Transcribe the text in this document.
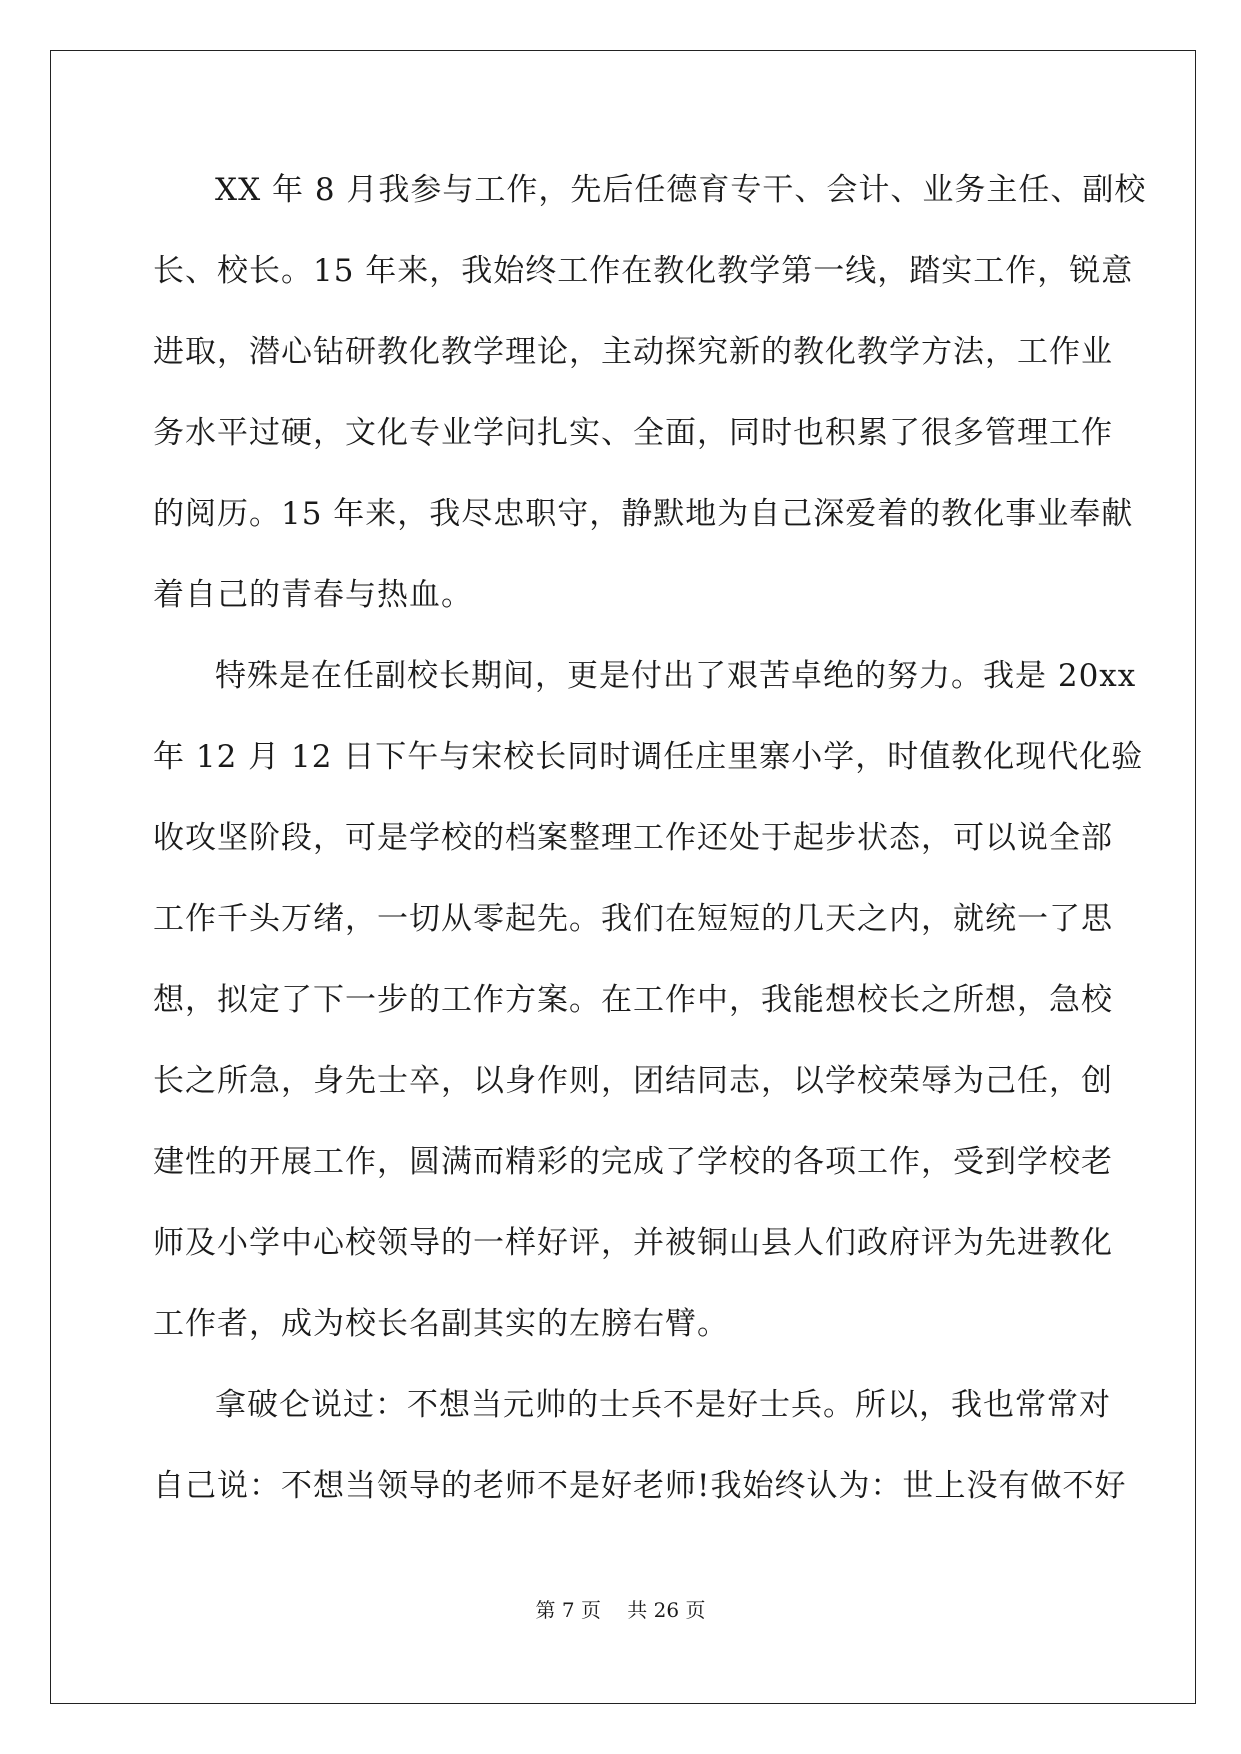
XX 年 8 月我参与工作，先后任德育专干、会计、业务主任、副校
长、校长。15 年来，我始终工作在教化教学第一线，踏实工作，锐意
进取，潜心钻研教化教学理论，主动探究新的教化教学方法，工作业
务水平过硬，文化专业学问扎实、全面，同时也积累了很多管理工作
的阅历。15 年来，我尽忠职守，静默地为自己深爱着的教化事业奉献
着自己的青春与热血。
特殊是在任副校长期间，更是付出了艰苦卓绝的努力。我是 20xx
年 12 月 12 日下午与宋校长同时调任庄里寨小学，时值教化现代化验
收攻坚阶段，可是学校的档案整理工作还处于起步状态，可以说全部
工作千头万绪，一切从零起先。我们在短短的几天之内，就统一了思
想，拟定了下一步的工作方案。在工作中，我能想校长之所想，急校
长之所急，身先士卒，以身作则，团结同志，以学校荣辱为己任，创
建性的开展工作，圆满而精彩的完成了学校的各项工作，受到学校老
师及小学中心校领导的一样好评，并被铜山县人们政府评为先进教化
工作者，成为校长名副其实的左膀右臂。
拿破仑说过：不想当元帅的士兵不是好士兵。所以，我也常常对
自己说：不想当领导的老师不是好老师!我始终认为：世上没有做不好
第 7 页　 共 26 页
